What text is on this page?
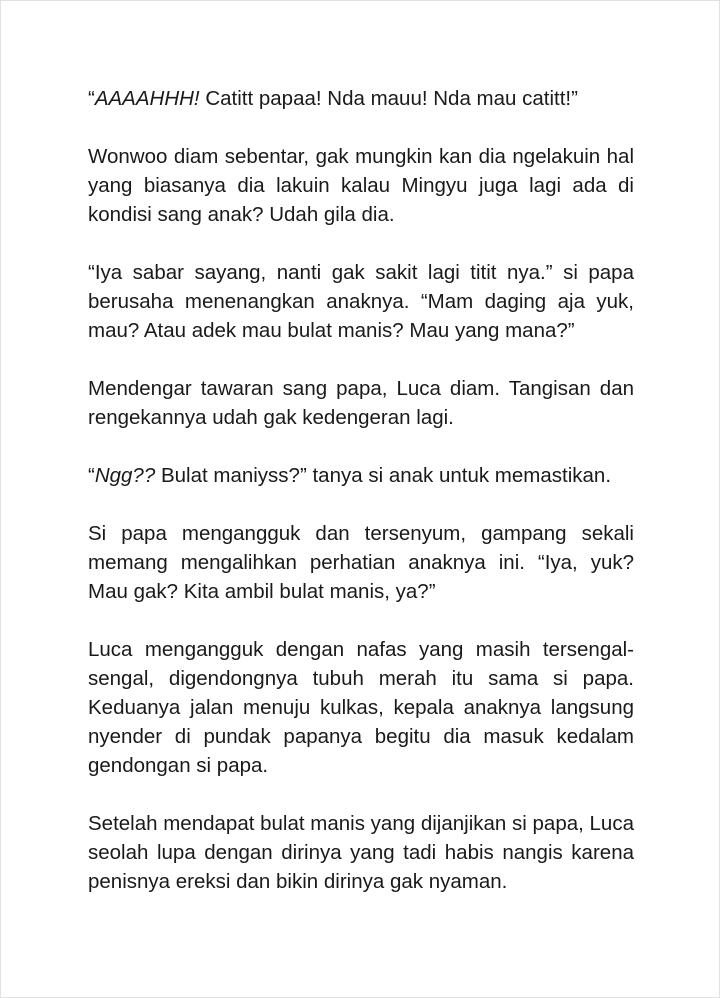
“AAAAHHH! Catitt papaa! Nda mauu! Nda mau catitt!”

Wonwoo diam sebentar, gak mungkin kan dia ngelakuin hal yang biasanya dia lakuin kalau Mingyu juga lagi ada di kondisi sang anak? Udah gila dia.

“Iya sabar sayang, nanti gak sakit lagi titit nya.” si papa berusaha menenangkan anaknya. “Mam daging aja yuk, mau? Atau adek mau bulat manis? Mau yang mana?”

Mendengar tawaran sang papa, Luca diam. Tangisan dan rengekannya udah gak kedengeran lagi.

“Ngg?? Bulat maniyss?” tanya si anak untuk memastikan.

Si papa mengangguk dan tersenyum, gampang sekali memang mengalihkan perhatian anaknya ini. “Iya, yuk? Mau gak? Kita ambil bulat manis, ya?”

Luca mengangguk dengan nafas yang masih tersengal-sengal, digendongnya tubuh merah itu sama si papa. Keduanya jalan menuju kulkas, kepala anaknya langsung nyender di pundak papanya begitu dia masuk kedalam gendongan si papa.

Setelah mendapat bulat manis yang dijanjikan si papa, Luca seolah lupa dengan dirinya yang tadi habis nangis karena penisnya ereksi dan bikin dirinya gak nyaman.
